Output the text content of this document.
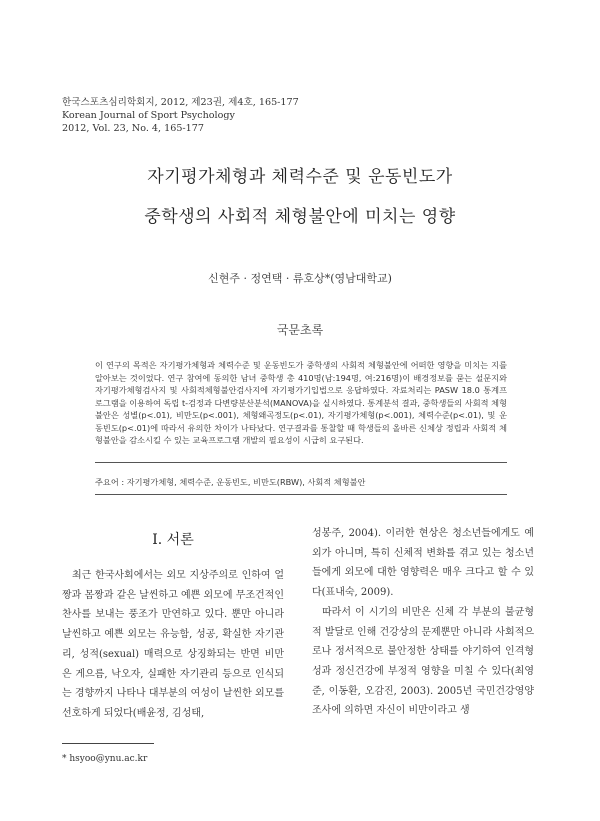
한국스포츠심리학회지, 2012, 제23권, 제4호, 165-177
Korean Journal of Sport Psychology
2012, Vol. 23, No. 4, 165-177
자기평가체형과 체력수준 및 운동빈도가
중학생의 사회적 체형불안에 미치는 영향
신현주 · 정연택 · 류호상*(영남대학교)
국문초록
이 연구의 목적은 자기평가체형과 체력수준 및 운동빈도가 중학생의 사회적 체형불안에 어떠한 영향을 미치는 지를 알아보는 것이었다. 연구 참여에 동의한 남녀 중학생 총 410명(남:194명, 여:216명)이 배경정보를 묻는 설문지와 자기평가체형검사지 및 사회적체형불안검사지에 자기평가기입법으로 응답하였다. 자료처리는 PASW 18.0 통계프로그램을 이용하여 독립 t-검정과 다변량분산분석(MANOVA)을 실시하였다. 통계분석 결과, 중학생들의 사회적 체형불안은 성별(p<.01), 비만도(p<.001), 체형왜곡정도(p<.01), 자기평가체형(p<.001), 체력수준(p<.01), 및 운동빈도(p<.01)에 따라서 유의한 차이가 나타났다. 연구결과를 통찰할 때 학생들의 올바른 신체상 정립과 사회적 체형불안을 감소시킬 수 있는 교육프로그램 개발의 필요성이 시급히 요구된다.
주요어 : 자기평가체형, 체력수준, 운동빈도, 비만도(RBW), 사회적 체형불안
I. 서론

최근 한국사회에서는 외모 지상주의로 인하여 얼짱과 몸짱과 같은 날씬하고 예쁜 외모에 무조건적인 찬사를 보내는 풍조가 만연하고 있다. 뿐만 아니라 날씬하고 예쁜 외모는 유능함, 성공, 확실한 자기관리, 성적(sexual) 매력으로 상징화되는 반면 비만은 게으름, 낙오자, 실패한 자기관리 등으로 인식되는 경향까지 나타나 대부분의 여성이 날씬한 외모를 선호하게 되었다(배윤정, 김성태,

성봉주, 2004). 이러한 현상은 청소년들에게도 예외가 아니며, 특히 신체적 변화를 겪고 있는 청소년들에게 외모에 대한 영향력은 매우 크다고 할 수 있다(표내숙, 2009).

따라서 이 시기의 비만은 신체 각 부분의 불균형적 발달로 인해 건강상의 문제뿐만 아니라 사회적으로나 정서적으로 불안정한 상태를 야기하여 인격형성과 정신건강에 부정적 영향을 미칠 수 있다(최영준, 이동환, 오감진, 2003). 2005년 국민건강영양조사에 의하면 자신이 비만이라고 생

* hsyoo@ynu.ac.kr
